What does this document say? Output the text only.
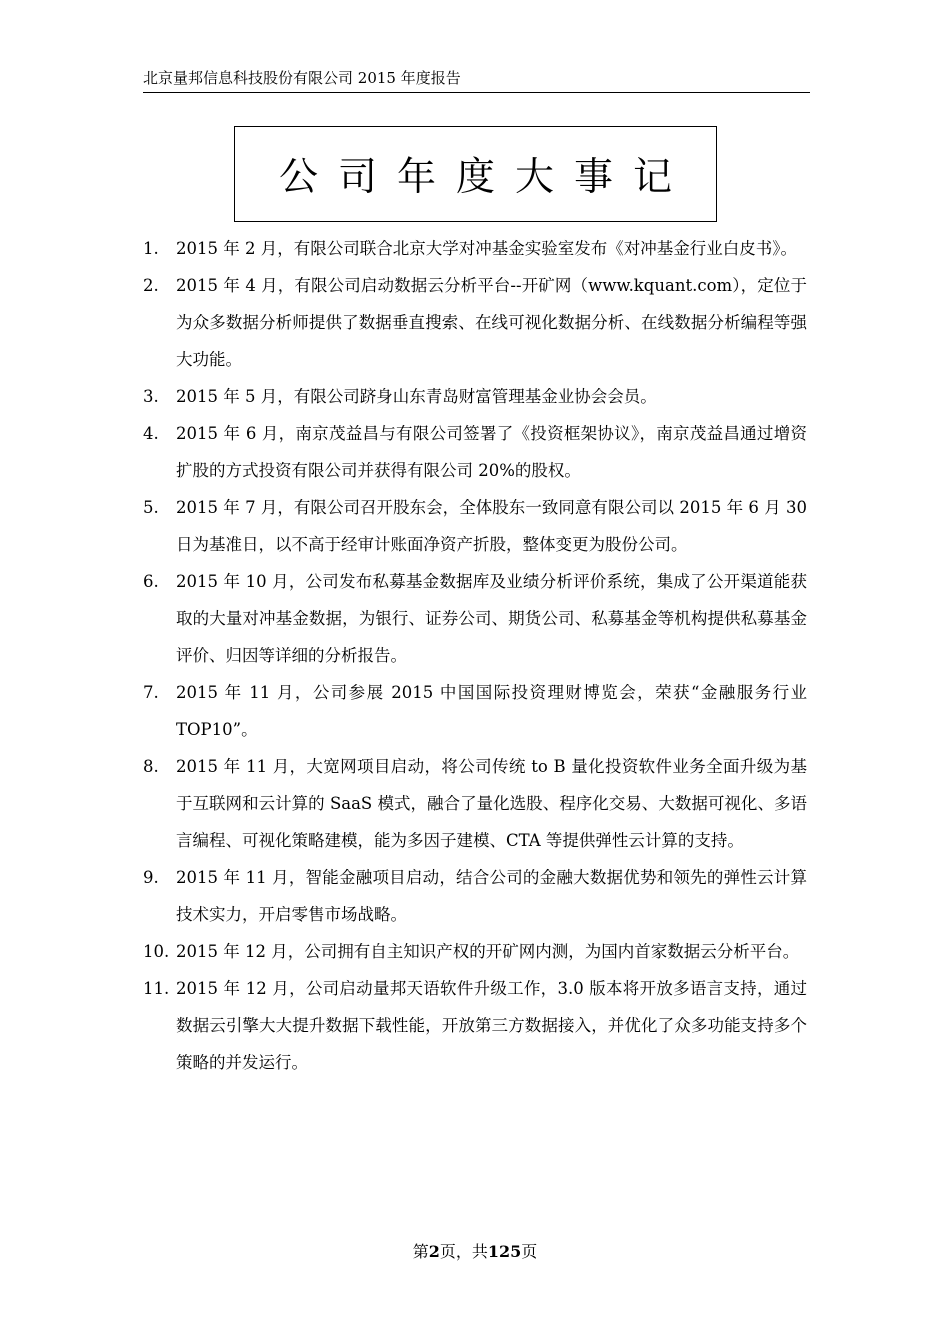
北京量邦信息科技股份有限公司 2015 年度报告
公司年度大事记
1.	2015 年 2 月，有限公司联合北京大学对冲基金实验室发布《对冲基金行业白皮书》。
2.	2015 年 4 月，有限公司启动数据云分析平台--开矿网（www.kquant.com），定位于为众多数据分析师提供了数据垂直搜索、在线可视化数据分析、在线数据分析编程等强大功能。
3.	2015 年 5 月，有限公司跻身山东青岛财富管理基金业协会会员。
4.	2015 年 6 月，南京茂益昌与有限公司签署了《投资框架协议》，南京茂益昌通过增资扩股的方式投资有限公司并获得有限公司 20%的股权。
5.	2015 年 7 月，有限公司召开股东会，全体股东一致同意有限公司以 2015 年 6 月 30 日为基准日，以不高于经审计账面净资产折股，整体变更为股份公司。
6.	2015 年 10 月，公司发布私募基金数据库及业绩分析评价系统，集成了公开渠道能获取的大量对冲基金数据，为银行、证券公司、期货公司、私募基金等机构提供私募基金评价、归因等详细的分析报告。
7.	2015 年 11 月，公司参展 2015 中国国际投资理财博览会，荣获“金融服务行业 TOP10”。
8.	2015 年 11 月，大宽网项目启动，将公司传统 to B 量化投资软件业务全面升级为基于互联网和云计算的 SaaS 模式，融合了量化选股、程序化交易、大数据可视化、多语言编程、可视化策略建模，能为多因子建模、CTA 等提供弹性云计算的支持。
9.	2015 年 11 月，智能金融项目启动，结合公司的金融大数据优势和领先的弹性云计算技术实力，开启零售市场战略。
10. 2015 年 12 月，公司拥有自主知识产权的开矿网内测，为国内首家数据云分析平台。
11. 2015 年 12 月，公司启动量邦天语软件升级工作，3.0 版本将开放多语言支持，通过数据云引擎大大提升数据下载性能，开放第三方数据接入，并优化了众多功能支持多个策略的并发运行。
第2页，共125页
